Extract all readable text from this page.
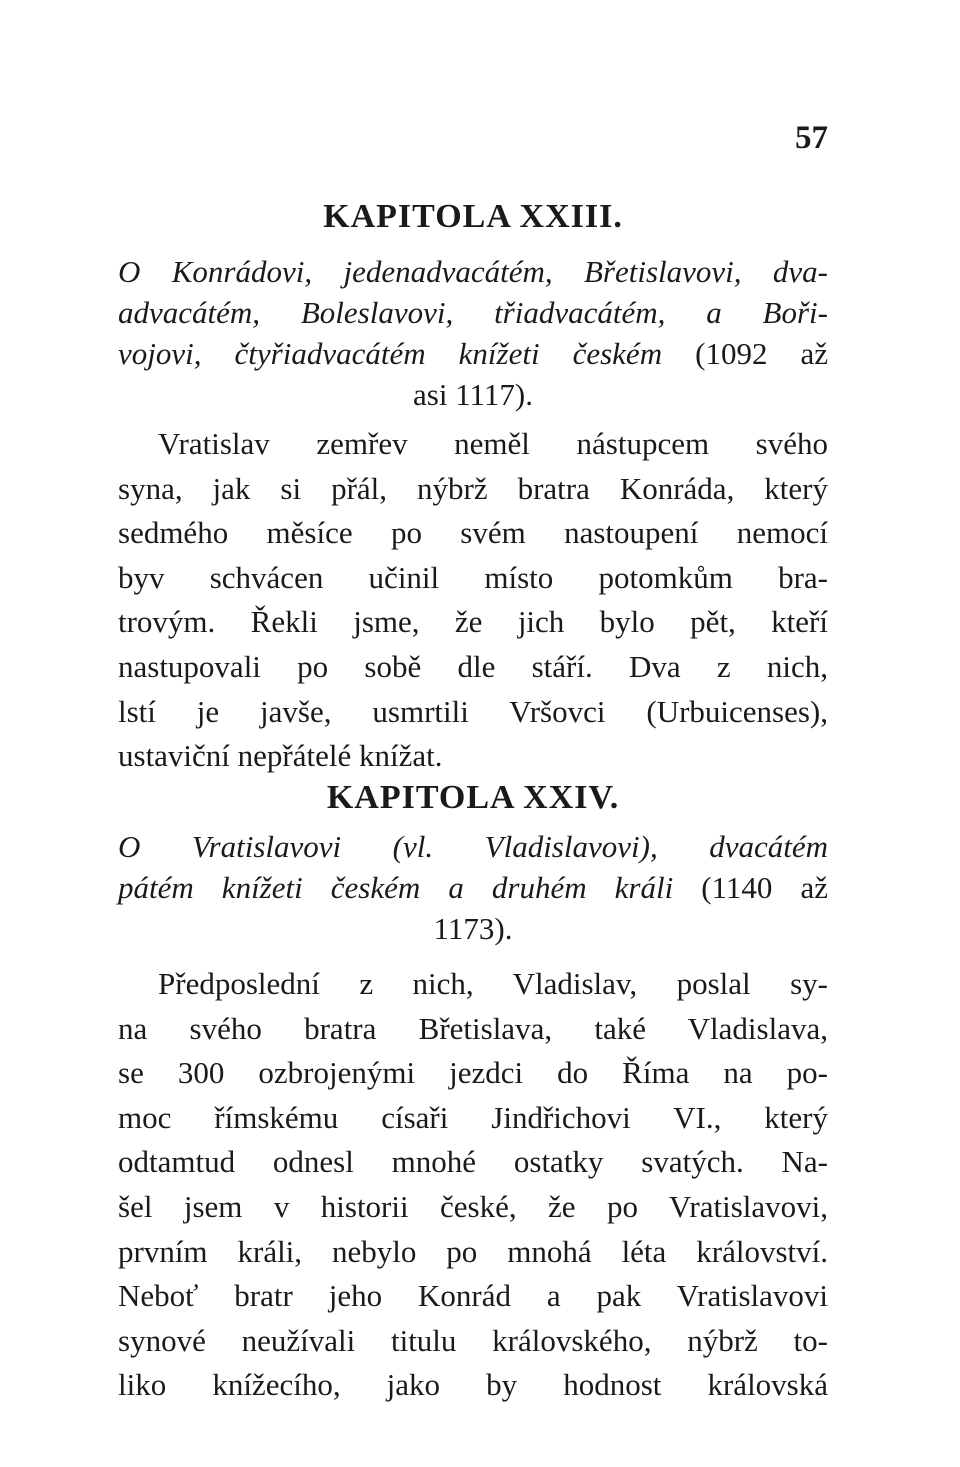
57
KAPITOLA XXIII.

O Konrádovi, jedenadvacátém, Břetislavovi, dva-
advacátém, Boleslavovi, třiadvacátém, a Boři-
vojovi, čtyřiadvacátém knížeti českém (1092 až

asi 1117).

Vratislav zemřev neměl nástupcem svého
syna, jak si přál, nýbrž bratra Konráda, který
sedmého měsíce po svém nastoupení nemocí
byv schvácen učinil místo potomkům bra-
trovým. Řekli jsme, že jich bylo pět, kteří
nastupovali po sobě dle stáří. Dva z nich,
lstí je javše, usmrtili Vršovci (Urbuicenses),
ustaviční nepřátelé knížat.

KAPITOLA XXIV.

O Vratislavovi (vl. Vladislavovi), dvacátém
pátém knížeti českém a druhém králi (1140 až

1173).

Předposlední z nich, Vladislav, poslal sy-
na svého bratra Břetislava, také Vladislava,
se 300 ozbrojenými jezdci do Říma na po-
moc římskému císaři Jindřichovi VI., který
odtamtud odnesl mnohé ostatky svatých. Na-
šel jsem v historii české, že po Vratislavovi,
prvním králi, nebylo po mnohá léta království.
Neboť bratr jeho Konrád a pak Vratislavovi
synové neužívali titulu královského, nýbrž to-
liko knížecího, jako by hodnost královská
